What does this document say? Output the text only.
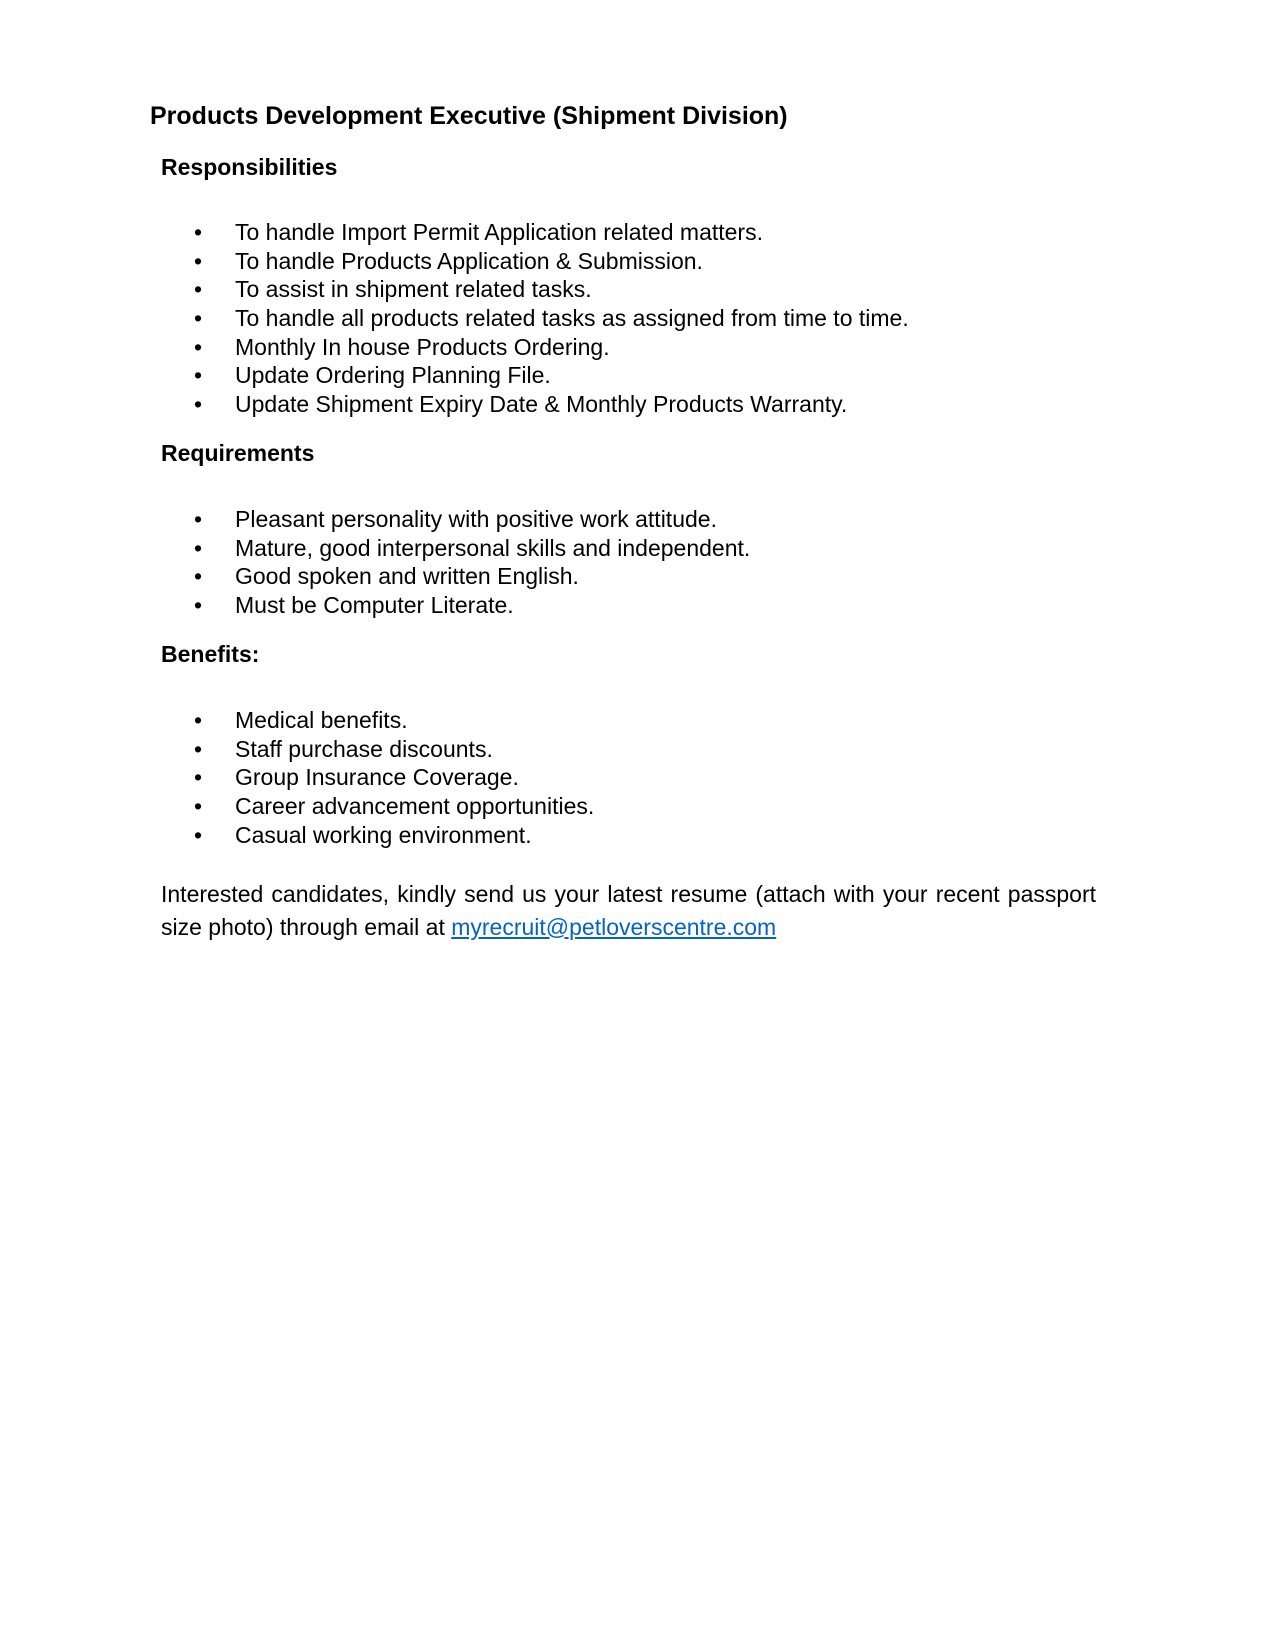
Products Development Executive (Shipment Division)
Responsibilities
•	To handle Import Permit Application related matters.
•	To handle Products Application & Submission.
•	To assist in shipment related tasks.
•	To handle all products related tasks as assigned from time to time.
•	Monthly In house Products Ordering.
•	Update Ordering Planning File.
•	Update Shipment Expiry Date & Monthly Products Warranty.
Requirements
•	Pleasant personality with positive work attitude.
•	Mature, good interpersonal skills and independent.
•	Good spoken and written English.
•	Must be Computer Literate.
Benefits:
•	Medical benefits.
•	Staff purchase discounts.
•	Group Insurance Coverage.
•	Career advancement opportunities.
•	Casual working environment.

Interested candidates, kindly send us your latest resume (attach with your recent passport size photo) through email at myrecruit@petloverscentre.com
